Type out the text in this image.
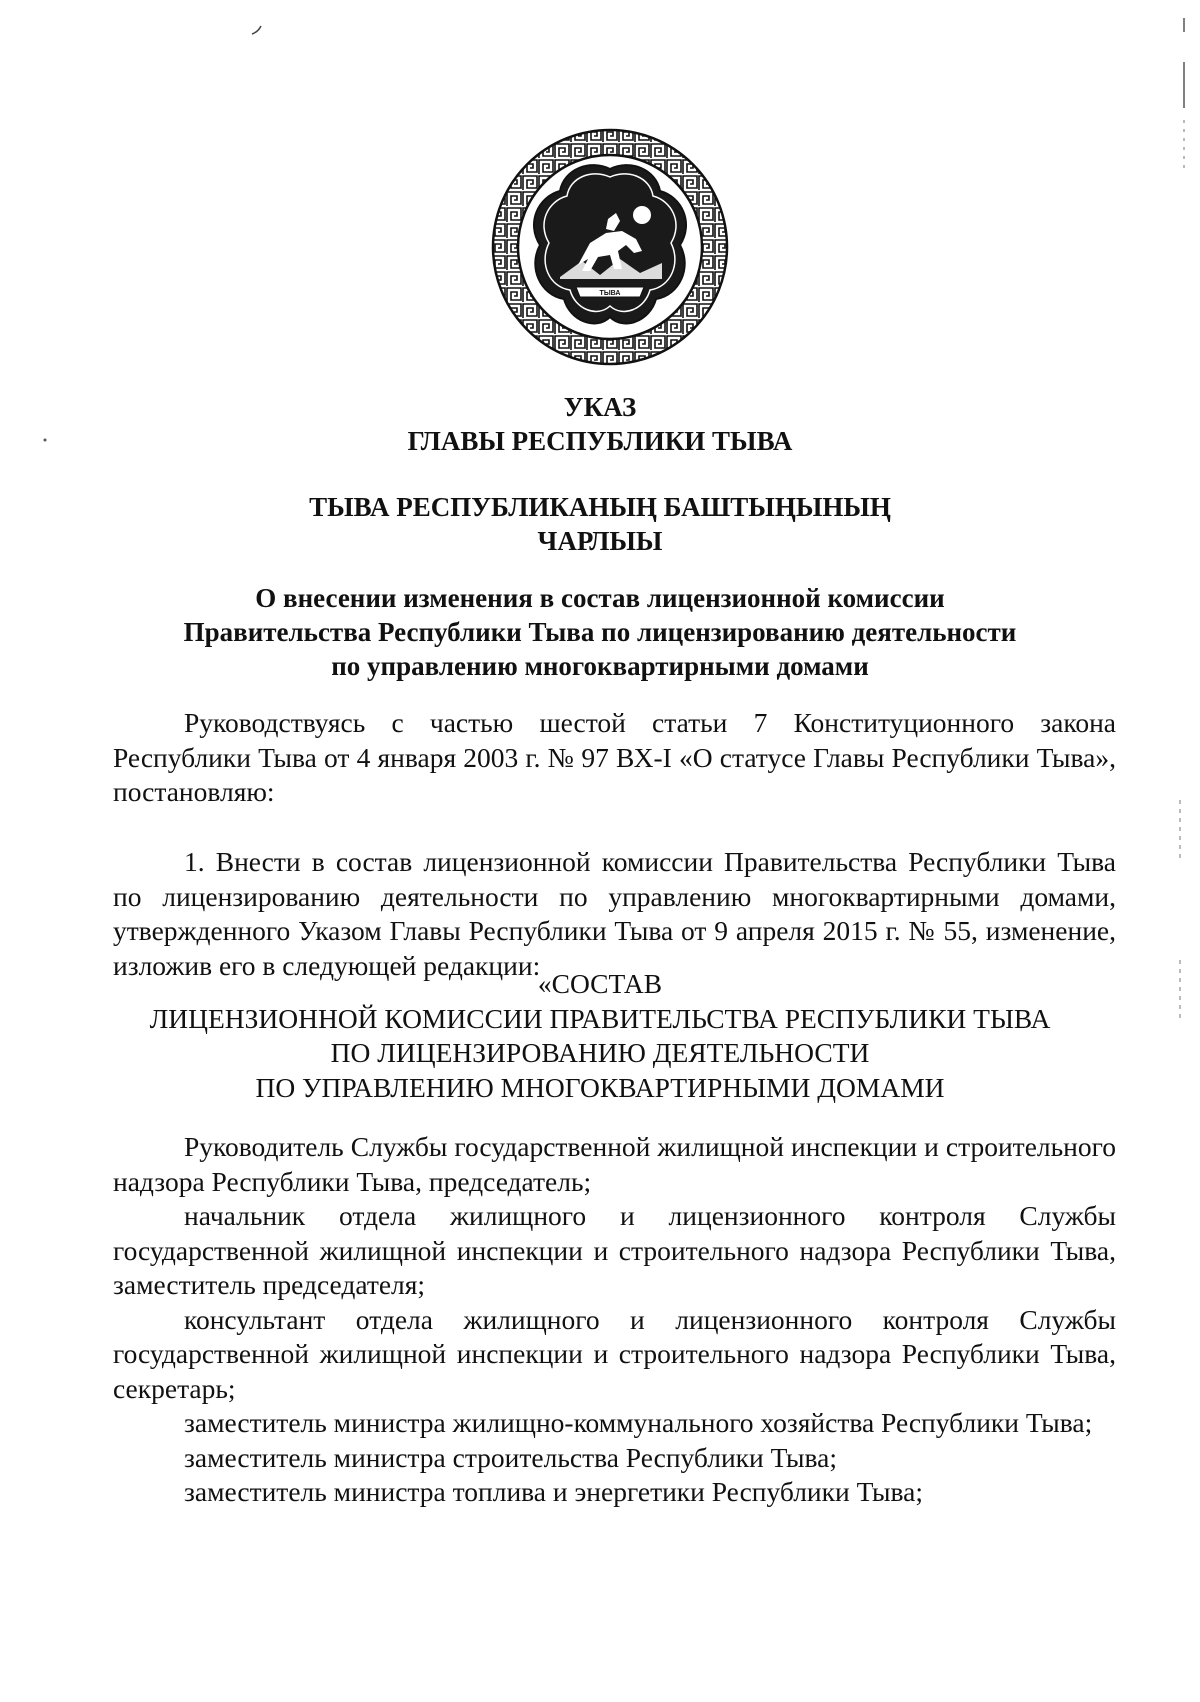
ТЫВА
УКАЗ
ГЛАВЫ РЕСПУБЛИКИ ТЫВА
ТЫВА РЕСПУБЛИКАНЫҢ БАШТЫҢЫНЫҢ
ЧАРЛЫЫ
О внесении изменения в состав лицензионной комиссии
Правительства Республики Тыва по лицензированию деятельности
по управлению многоквартирными домами

Руководствуясь с частью шестой статьи 7 Конституционного закона Республики Тыва от 4 января 2003 г. № 97 ВХ-I «О статусе Главы Республики Тыва», постановляю:

1. Внести в состав лицензионной комиссии Правительства Республики Тыва по лицензированию деятельности по управлению многоквартирными домами, утвержденного Указом Главы Республики Тыва от 9 апреля 2015 г. № 55, изменение, изложив его в следующей редакции:

«СОСТАВ
ЛИЦЕНЗИОННОЙ КОМИССИИ ПРАВИТЕЛЬСТВА РЕСПУБЛИКИ ТЫВА
ПО ЛИЦЕНЗИРОВАНИЮ ДЕЯТЕЛЬНОСТИ
ПО УПРАВЛЕНИЮ МНОГОКВАРТИРНЫМИ ДОМАМИ

Руководитель Службы государственной жилищной инспекции и строительного надзора Республики Тыва, председатель;

начальник отдела жилищного и лицензионного контроля Службы государственной жилищной инспекции и строительного надзора Республики Тыва, заместитель председателя;

консультант отдела жилищного и лицензионного контроля Службы государственной жилищной инспекции и строительного надзора Республики Тыва, секретарь;

заместитель министра жилищно-коммунального хозяйства Республики Тыва;

заместитель министра строительства Республики Тыва;

заместитель министра топлива и энергетики Республики Тыва;
